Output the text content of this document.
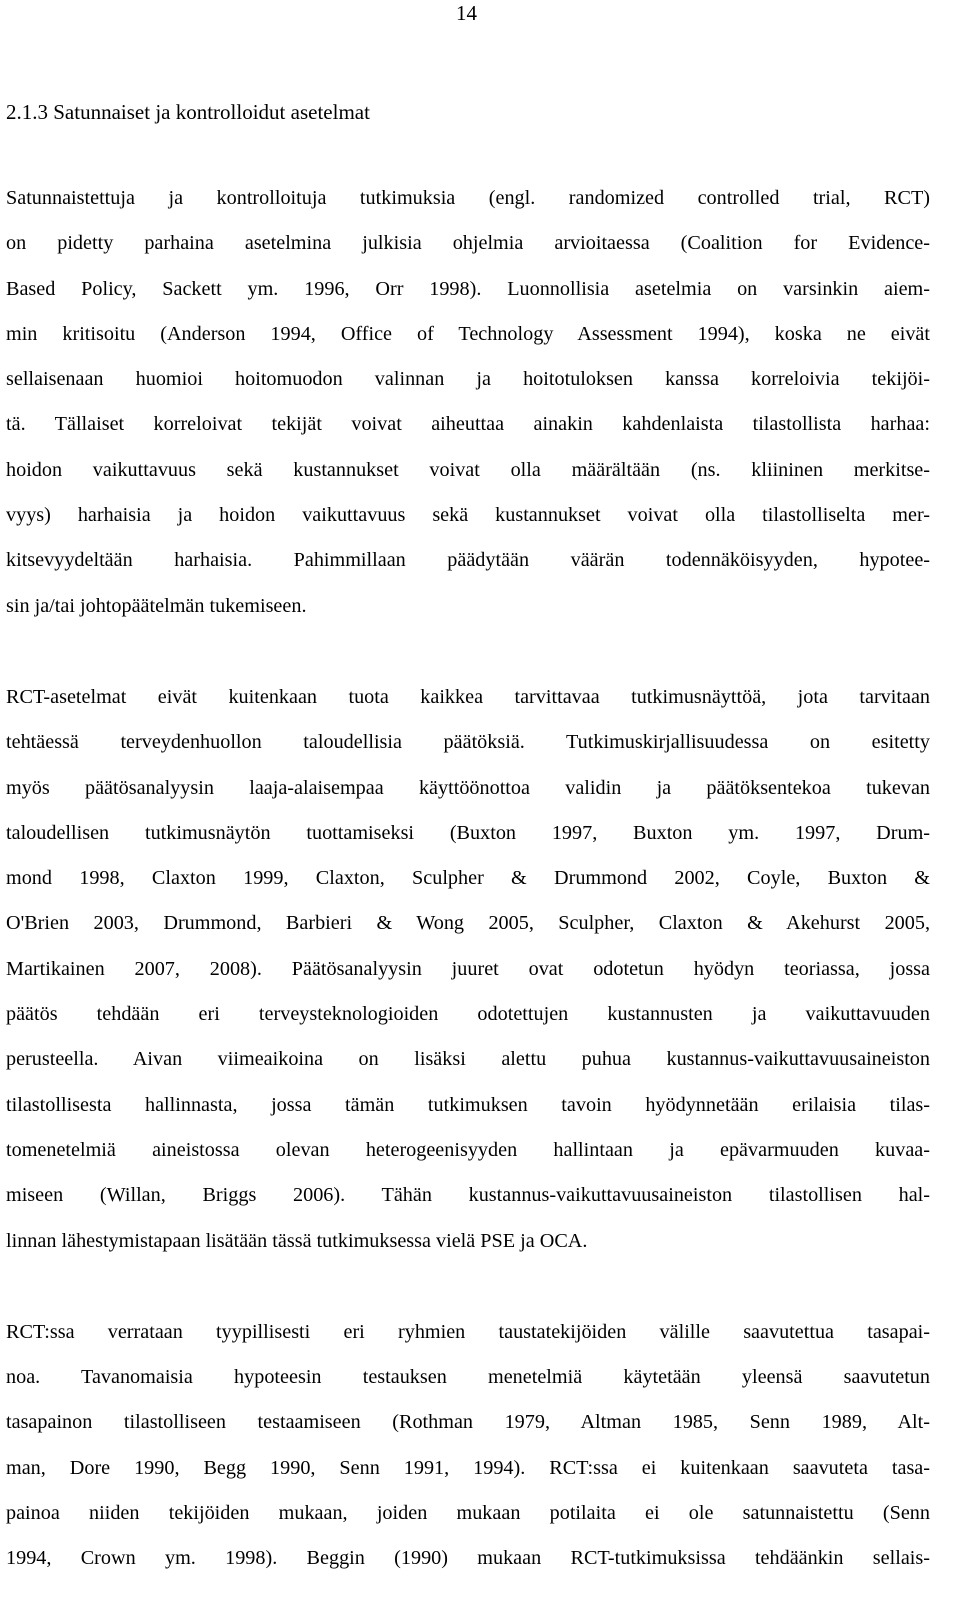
14
2.1.3 Satunnaiset ja kontrolloidut asetelmat

Satunnaistettuja ja kontrolloituja tutkimuksia (engl. randomized controlled trial, RCT)
on pidetty parhaina asetelmina julkisia ohjelmia arvioitaessa (Coalition for Evidence-
Based Policy, Sackett ym. 1996, Orr 1998). Luonnollisia asetelmia on varsinkin aiem-
min kritisoitu (Anderson 1994, Office of Technology Assessment 1994), koska ne eivät
sellaisenaan huomioi hoitomuodon valinnan ja hoitotuloksen kanssa korreloivia tekijöi-
tä. Tällaiset korreloivat tekijät voivat aiheuttaa ainakin kahdenlaista tilastollista harhaa:
hoidon vaikuttavuus sekä kustannukset voivat olla määrältään (ns. kliininen merkitse-
vyys) harhaisia ja hoidon vaikuttavuus sekä kustannukset voivat olla tilastolliselta mer-
kitsevyydeltään harhaisia. Pahimmillaan päädytään väärän todennäköisyyden, hypotee-
sin ja/tai johtopäätelmän tukemiseen.

RCT-asetelmat eivät kuitenkaan tuota kaikkea tarvittavaa tutkimusnäyttöä, jota tarvitaan
tehtäessä terveydenhuollon taloudellisia päätöksiä. Tutkimuskirjallisuudessa on esitetty
myös päätösanalyysin laaja-alaisempaa käyttöönottoa validin ja päätöksentekoa tukevan
taloudellisen tutkimusnäytön tuottamiseksi (Buxton 1997, Buxton ym. 1997, Drum-
mond 1998, Claxton 1999, Claxton, Sculpher & Drummond 2002, Coyle, Buxton &
O'Brien 2003, Drummond, Barbieri & Wong 2005, Sculpher, Claxton & Akehurst 2005,
Martikainen 2007, 2008). Päätösanalyysin juuret ovat odotetun hyödyn teoriassa, jossa
päätös tehdään eri terveysteknologioiden odotettujen kustannusten ja vaikuttavuuden
perusteella. Aivan viimeaikoina on lisäksi alettu puhua kustannus-vaikuttavuusaineiston
tilastollisesta hallinnasta, jossa tämän tutkimuksen tavoin hyödynnetään erilaisia tilas-
tomenetelmiä aineistossa olevan heterogeenisyyden hallintaan ja epävarmuuden kuvaa-
miseen (Willan, Briggs 2006). Tähän kustannus-vaikuttavuusaineiston tilastollisen hal-
linnan lähestymistapaan lisätään tässä tutkimuksessa vielä PSE ja OCA.

RCT:ssa verrataan tyypillisesti eri ryhmien taustatekijöiden välille saavutettua tasapai-
noa. Tavanomaisia hypoteesin testauksen menetelmiä käytetään yleensä saavutetun
tasapainon tilastolliseen testaamiseen (Rothman 1979, Altman 1985, Senn 1989, Alt-
man, Dore 1990, Begg 1990, Senn 1991, 1994). RCT:ssa ei kuitenkaan saavuteta tasa-
painoa niiden tekijöiden mukaan, joiden mukaan potilaita ei ole satunnaistettu (Senn
1994, Crown ym. 1998). Beggin (1990) mukaan RCT-tutkimuksissa tehdäänkin sellais-
